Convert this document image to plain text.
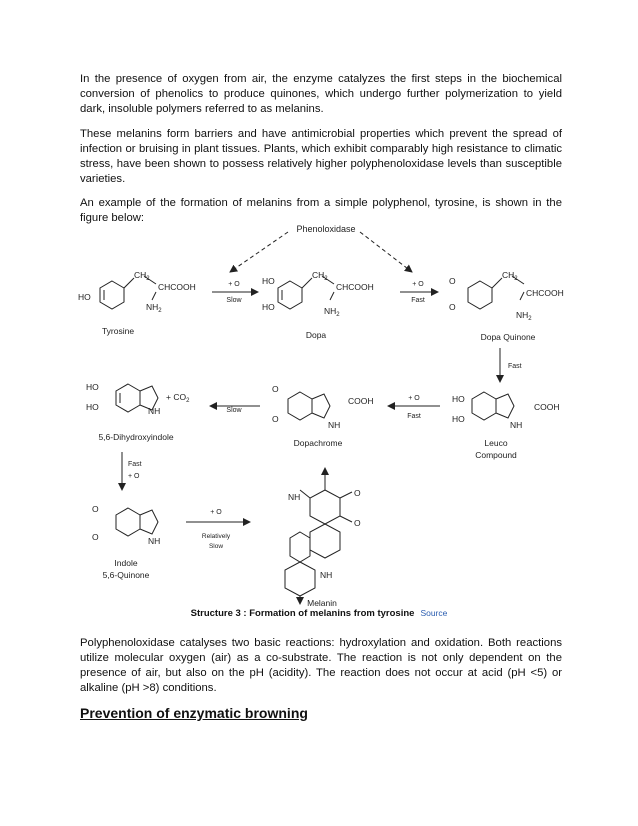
In the presence of oxygen from air, the enzyme catalyzes the first steps in the biochemical conversion of phenolics to produce quinones, which undergo further polymerization to yield dark, insoluble polymers referred to as melanins.

These melanins form barriers and have antimicrobial properties which prevent the spread of infection or bruising in plant tissues. Plants, which exhibit comparably high resistance to climatic stress, have been shown to possess relatively higher polyphenoloxidase levels than susceptible varieties.

An example of the formation of melanins from a simple polyphenol, tyrosine, is shown in the figure below:

Phenoloxidase
HO
$CH_2$
CHCOOH
$NH_2$
Tyrosine
+ O
Slow
HO
HO
$CH_2$
CHCOOH
$NH_2$
Dopa
+ O
Fast
O
O
$CH_2$
CHCOOH
$NH_2$
Dopa Quinone
Fast
HO
HO
COOH
NH
Leuco
Compound
+ O
Fast
O
O
COOH
NH
Dopachrome
Slow
HO
HO	NH
+ $CO_2$
5,6-Dihydroxyindole
Fast
+ O
O
O	NH
Indole
5,6-Quinone
+ O
Relatively
Slow
NH	O
O
NH
Melanin
Structure 3 : Formation of melanins from tyrosine Source

Polyphenoloxidase catalyses two basic reactions: hydroxylation and oxidation. Both reactions utilize molecular oxygen (air) as a co-substrate. The reaction is not only dependent on the presence of air, but also on the pH (acidity). The reaction does not occur at acid (pH <5) or alkaline (pH >8) conditions.

Prevention of enzymatic browning
